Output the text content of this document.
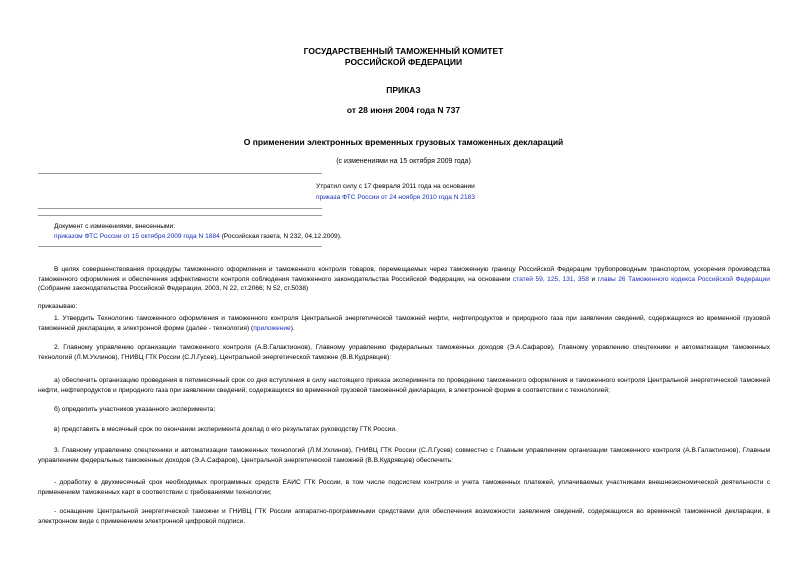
ГОСУДАРСТВЕННЫЙ ТАМОЖЕННЫЙ КОМИТЕТ
РОССИЙСКОЙ ФЕДЕРАЦИИ
ПРИКАЗ
от 28 июня 2004 года N 737
О применении электронных временных грузовых таможенных деклараций
(с изменениями на 15 октября 2009 года)
Утратил силу с 17 февраля 2011 года на основании
приказа ФТС России от 24 ноября 2010 года N 2183
Документ с изменениями, внесенными:
приказом ФТС России от 15 октября 2009 года N 1884 (Российская газета, N 232, 04.12.2009).
В целях совершенствования процедуры таможенного оформления и таможенного контроля товаров, перемещаемых через таможенную границу Российской Федерации трубопроводным транспортом, ускорения производства таможенного оформления и обеспечения эффективности контроля соблюдения таможенного законодательства Российской Федерации, на основании статей 59, 125, 131, 358 и главы 26 Таможенного кодекса Российской Федерации (Собрание законодательства Российской Федерации, 2003, N 22, ст.2066; N 52, ст.5038)
приказываю:
1. Утвердить Технологию таможенного оформления и таможенного контроля Центральной энергетической таможней нефти, нефтепродуктов и природного газа при заявлении сведений, содержащихся во временной грузовой таможенной декларации, в электронной форме (далее - технология) (приложение).
2. Главному управлению организации таможенного контроля (А.В.Галактионов), Главному управлению федеральных таможенных доходов (Э.А.Сафаров), Главному управлению спецтехники и автоматизации таможенных технологий (Л.М.Ухлинов), ГНИВЦ ГТК России (С.Л.Гусев), Центральной энергетической таможне (В.В.Кудрявцев):
а) обеспечить организацию проведения в пятимесячный срок со дня вступления в силу настоящего приказа эксперимента по проведению таможенного оформления и таможенного контроля Центральной энергетической таможней нефти, нефтепродуктов и природного газа при заявлении сведений, содержащихся во временной грузовой таможенной декларации, в электронной форме в соответствии с технологией;
б) определить участников указанного эксперимента;
в) представить в месячный срок по окончании эксперимента доклад о его результатах руководству ГТК России.
3. Главному управлению спецтехники и автоматизации таможенных технологий (Л.М.Ухлинов), ГНИВЦ ГТК России (С.Л.Гусев) совместно с Главным управлением организации таможенного контроля (А.В.Галактионов), Главным управлением федеральных таможенных доходов (Э.А.Сафаров), Центральной энергетической таможней (В.В.Кудрявцев) обеспечить:
- доработку в двухмесячный срок необходимых программных средств ЕАИС ГТК России, в том числе подсистем контроля и учета таможенных платежей, уплачиваемых участниками внешнеэкономической деятельности с применением таможенных карт в соответствии с требованиями технологии;
- оснащение Центральной энергетической таможни и ГНИВЦ ГТК России аппаратно-программными средствами для обеспечения возможности заявления сведений, содержащихся во временной таможенной декларации, в электронном виде с применением электронной цифровой подписи.
